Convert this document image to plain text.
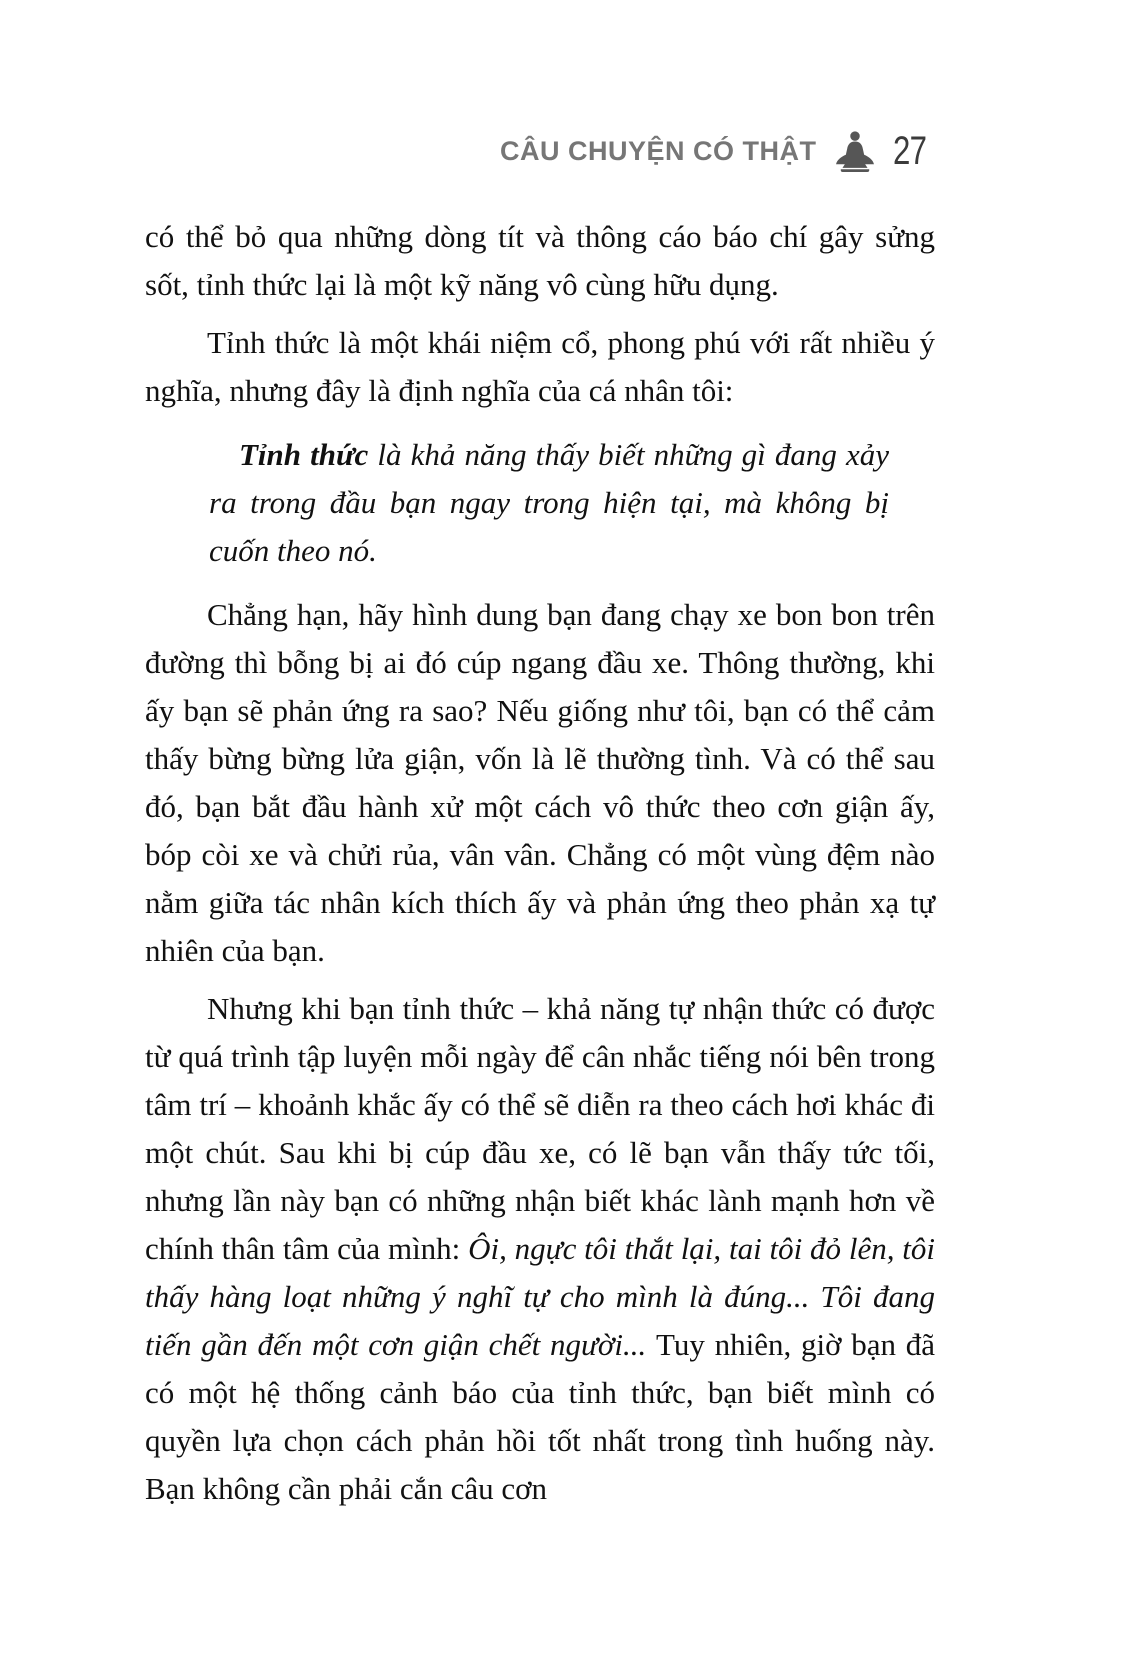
CÂU CHUYỆN CÓ THẬT 27

có thể bỏ qua những dòng tít và thông cáo báo chí gây sửng sốt, tỉnh thức lại là một kỹ năng vô cùng hữu dụng.

Tỉnh thức là một khái niệm cổ, phong phú với rất nhiều ý nghĩa, nhưng đây là định nghĩa của cá nhân tôi:

Tỉnh thức là khả năng thấy biết những gì đang xảy ra trong đầu bạn ngay trong hiện tại, mà không bị cuốn theo nó.

Chẳng hạn, hãy hình dung bạn đang chạy xe bon bon trên đường thì bỗng bị ai đó cúp ngang đầu xe. Thông thường, khi ấy bạn sẽ phản ứng ra sao? Nếu giống như tôi, bạn có thể cảm thấy bừng bừng lửa giận, vốn là lẽ thường tình. Và có thể sau đó, bạn bắt đầu hành xử một cách vô thức theo cơn giận ấy, bóp còi xe và chửi rủa, vân vân. Chẳng có một vùng đệm nào nằm giữa tác nhân kích thích ấy và phản ứng theo phản xạ tự nhiên của bạn.

Nhưng khi bạn tỉnh thức – khả năng tự nhận thức có được từ quá trình tập luyện mỗi ngày để cân nhắc tiếng nói bên trong tâm trí – khoảnh khắc ấy có thể sẽ diễn ra theo cách hơi khác đi một chút. Sau khi bị cúp đầu xe, có lẽ bạn vẫn thấy tức tối, nhưng lần này bạn có những nhận biết khác lành mạnh hơn về chính thân tâm của mình: Ôi, ngực tôi thắt lại, tai tôi đỏ lên, tôi thấy hàng loạt những ý nghĩ tự cho mình là đúng... Tôi đang tiến gần đến một cơn giận chết người... Tuy nhiên, giờ bạn đã có một hệ thống cảnh báo của tỉnh thức, bạn biết mình có quyền lựa chọn cách phản hồi tốt nhất trong tình huống này. Bạn không cần phải cắn câu cơn
